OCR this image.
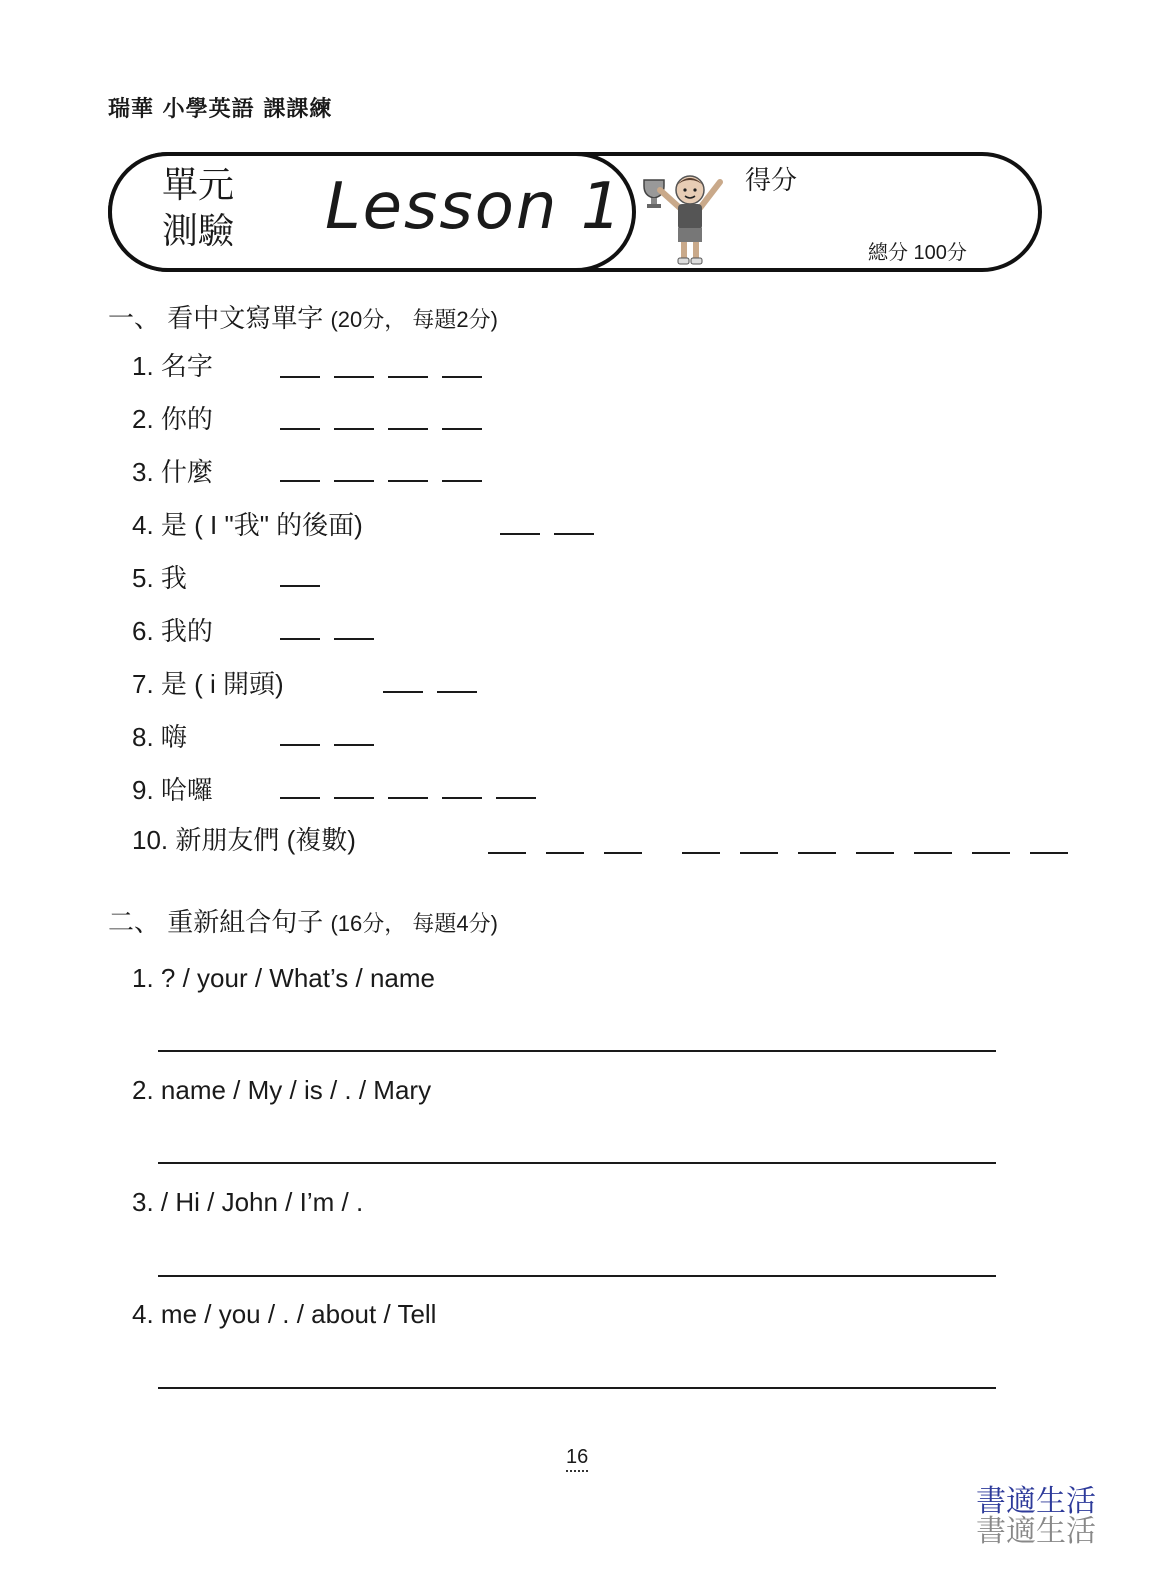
瑞華 小學英語 課課練
單元
測驗 Lesson 1	得分
總分 100分
一、 看中文寫單字 (20分， 每題2分)
1. 名字
2. 你的
3. 什麼
4. 是 ( I "我" 的後面)
5. 我
6. 我的
7. 是 ( i 開頭)
8. 嗨
9. 哈囉
10. 新朋友們 (複數)
二、 重新組合句子 (16分， 每題4分)
1. ? / your / What’s / name
2. name / My / is / . / Mary
3. / Hi / John / I’m / .
4. me / you / . / about / Tell
16
書適生活
書適生活
